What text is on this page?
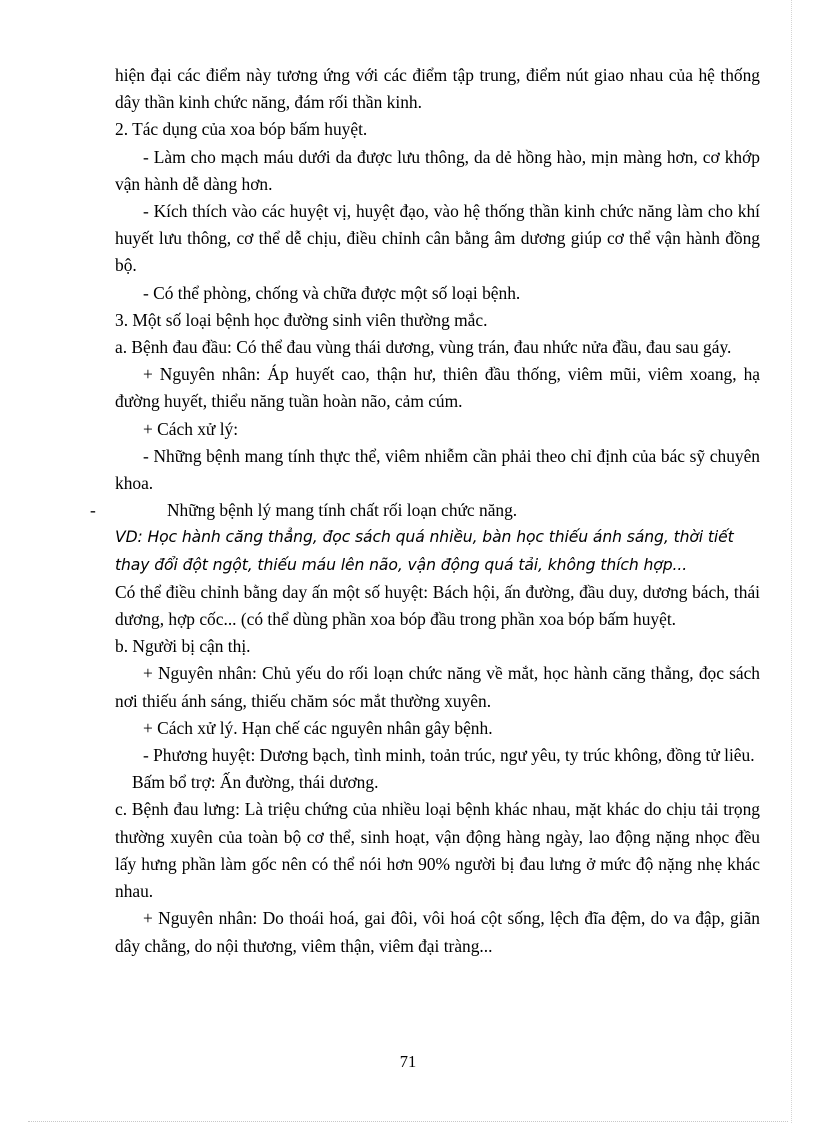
hiện đại các điểm này tương ứng với các điểm tập trung, điểm nút giao nhau của hệ thống dây thần kinh chức năng, đám rối thần kinh.

2. Tác dụng của xoa bóp bấm huyệt.

- Làm cho mạch máu dưới da được lưu thông, da dẻ hồng hào, mịn màng hơn, cơ khớp vận hành dễ dàng hơn.

- Kích thích vào các huyệt vị, huyệt đạo, vào hệ thống thần kinh chức năng làm cho khí huyết lưu thông, cơ thể dễ chịu, điều chỉnh cân bằng âm dương giúp cơ thể vận hành đồng bộ.

- Có thể phòng, chống và chữa được một số loại bệnh.

3. Một số loại bệnh học đường sinh viên thường mắc.

a. Bệnh đau đầu: Có thể đau vùng thái dương, vùng trán, đau nhức nửa đầu, đau sau gáy.

+ Nguyên nhân: Áp huyết cao, thận hư, thiên đầu thống, viêm mũi, viêm xoang, hạ đường huyết, thiểu năng tuần hoàn não, cảm cúm.

+ Cách xử lý:

- Những bệnh mang tính thực thể, viêm nhiễm cần phải theo chỉ định của bác sỹ chuyên khoa.

-	Những bệnh lý mang tính chất rối loạn chức năng.

VD: Học hành căng thẳng, đọc sách quá nhiều, bàn học thiếu ánh sáng, thời tiết thay đổi đột ngột, thiếu máu lên não, vận động quá tải, không thích hợp...

Có thể điều chỉnh bằng day ấn một số huyệt: Bách hội, ấn đường, đầu duy, dương bách, thái dương, hợp cốc... (có thể dùng phần xoa bóp đầu trong phần xoa bóp bấm huyệt.

b. Người bị cận thị.

+ Nguyên nhân: Chủ yếu do rối loạn chức năng về mắt, học hành căng thẳng, đọc sách nơi thiếu ánh sáng, thiếu chăm sóc mắt thường xuyên.

+ Cách xử lý. Hạn chế các nguyên nhân gây bệnh.

- Phương huyệt: Dương bạch, tình minh, toản trúc, ngư yêu, ty trúc không, đồng tử liêu.

Bấm bổ trợ: Ấn đường, thái dương.

c. Bệnh đau lưng: Là triệu chứng của nhiều loại bệnh khác nhau, mặt khác do chịu tải trọng thường xuyên của toàn bộ cơ thể, sinh hoạt, vận động hàng ngày, lao động nặng nhọc đều lấy hưng phần làm gốc nên có thể nói hơn 90% người bị đau lưng ở mức độ nặng nhẹ khác nhau.

+ Nguyên nhân: Do thoái hoá, gai đôi, vôi hoá cột sống, lệch đĩa đệm, do va đập, giãn dây chằng, do nội thương, viêm thận, viêm đại tràng...

71
